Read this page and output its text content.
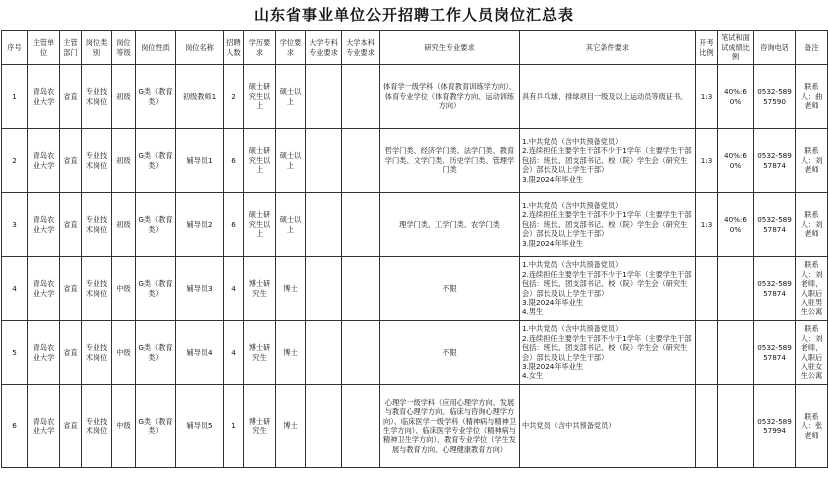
山东省事业单位公开招聘工作人员岗位汇总表
序号	主管单位	主管部门	岗位类别	岗位等级	岗位性质	岗位名称	招聘人数	学历要求	学位要求	大学专科专业要求	大学本科专业要求	研究生专业要求	其它条件要求	开考比例	笔试和面试成绩比例	咨询电话	备注
1	青岛农业大学	省直	专业技术岗位	初级	G类（教育类）	初级教师1	2	硕士研究生以上	硕士以上			体育学一级学科（体育教育训练学方向）、体育专业学位（体育教学方向、运动训练方向）	具有乒乓球、排球项目一级及以上运动员等级证书。	1:3	40%:60%	0532-58957590	联系人：曲老师
2	青岛农业大学	省直	专业技术岗位	初级	G类（教育类）	辅导员1	6	硕士研究生以上	硕士以上			哲学门类、经济学门类、法学门类、教育学门类、文学门类、历史学门类、管理学门类	1.中共党员（含中共预备党员）
2.连续担任主要学生干部不少于1学年（主要学生干部包括：班长、团支部书记、校（院）学生会（研究生会）部长及以上学生干部）
3.限2024年毕业生	1:3	40%:60%	0532-58957874	联系人：刘老师
3	青岛农业大学	省直	专业技术岗位	初级	G类（教育类）	辅导员2	6	硕士研究生以上	硕士以上			理学门类、工学门类、农学门类	1.中共党员（含中共预备党员）
2.连续担任主要学生干部不少于1学年（主要学生干部包括：班长、团支部书记、校（院）学生会（研究生会）部长及以上学生干部）
3.限2024年毕业生	1:3	40%:60%	0532-58957874	联系人：刘老师
4	青岛农业大学	省直	专业技术岗位	中级	G类（教育类）	辅导员3	4	博士研究生	博士			不限	1.中共党员（含中共预备党员）
2.连续担任主要学生干部不少于1学年（主要学生干部包括：班长、团支部书记、校（院）学生会（研究生会）部长及以上学生干部）
3.限2024年毕业生
4.男生			0532-58957874	联系人：刘老师，入职后入驻男生公寓
5	青岛农业大学	省直	专业技术岗位	中级	G类（教育类）	辅导员4	4	博士研究生	博士			不限	1.中共党员（含中共预备党员）
2.连续担任主要学生干部不少于1学年（主要学生干部包括：班长、团支部书记、校（院）学生会（研究生会）部长及以上学生干部）
3.限2024年毕业生
4.女生			0532-58957874	联系人：刘老师，入职后入驻女生公寓
6	青岛农业大学	省直	专业技术岗位	中级	G类（教育类）	辅导员5	1	博士研究生	博士			心理学一级学科（应用心理学方向、发展与教育心理学方向、临床与咨询心理学方向）、临床医学一级学科（精神病与精神卫生学方向）、临床医学专业学位（精神病与精神卫生学方向）、教育专业学位（学生发展与教育方向、心理健康教育方向）	中共党员（含中共预备党员）			0532-58957994	联系人：张老师
